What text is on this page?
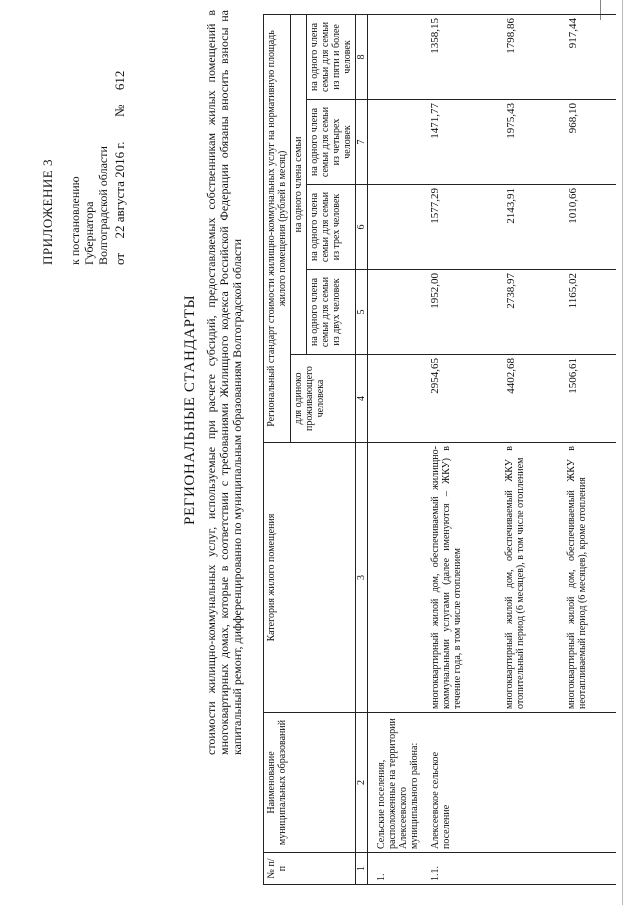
ПРИЛОЖЕНИЕ 3 к постановлению Губернатора Волгоградской области от  22 августа 2016 г.  №  612
РЕГИОНАЛЬНЫЕ СТАНДАРТЫ стоимости жилищно-коммунальных услуг, используемые при расчете субсидий, предоставляемых собственникам жилых помещений в многоквартирных домах, которые в соответствии с требованиями Жилищного кодекса Российской Федерации обязаны вносить взносы на капитальный ремонт, дифференцированно по муниципальным образованиям Волгоградской области
№ п/п	Наименование муниципальных образований	Категория жилого помещения	Региональный стандарт стоимости жилищно-коммунальных услуг на нормативную площадь жилого помещения (рублей в месяц)				
			для одиноко проживающего человека	на одного члена семьи			
				на одного члена семьи для семьи из двух человек	на одного члена семьи для семьи из трех человек	на одного члена семьи для семьи из четырех человек	на одного члена семьи для семьи из пяти и более человек
1	2	3	4	5	6	7	8
1.	Сельские поселения, расположенные на территории Алексеевского муниципального района:						
1.1.	Алексеевское сельское поселение	многоквартирный жилой дом, обеспечиваемый жилищно-коммунальными услугами (далее именуются – ЖКУ) в течение года, в том числе отоплением	2954,65	1952,00	1577,29	1471,77	1358,15
		многоквартирный жилой дом, обеспечиваемый ЖКУ в отопительный период (6 месяцев), в том числе отоплением	4402,68	2738,97	2143,91	1975,43	1798,86
		многоквартирный жилой дом, обеспечиваемый ЖКУ в неотапливаемый период (6 месяцев), кроме отопления	1506,61	1165,02	1010,66	968,10	917,44
